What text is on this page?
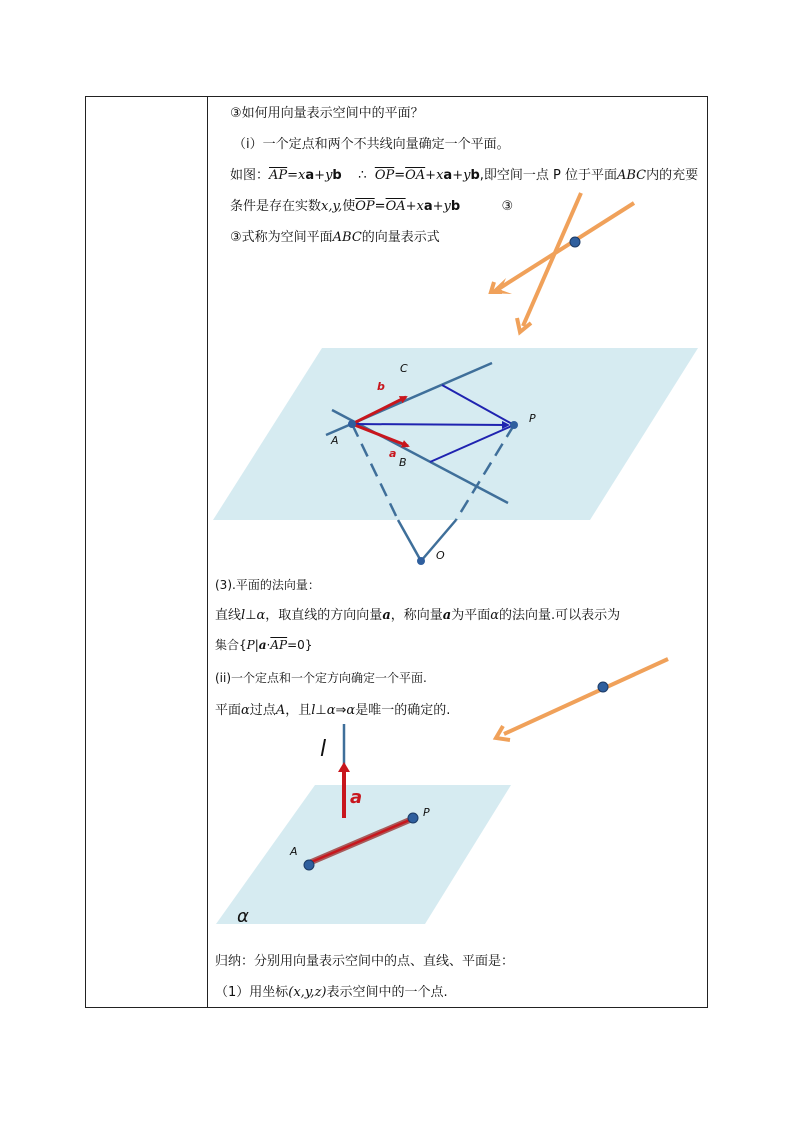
③如何用向量表示空间中的平面？
（i）一个定点和两个不共线向量确定一个平面。
如图：$\overline{AP}=xa+yb$ ∴ $\overline{OP}=\overline{OA}+xa+yb$,即空间一点 P 位于平面ABC内的充要
条件是存在实数x,y,使$\overline{OP}=\overline{OA}+xa+yb$	③
③式称为空间平面ABC的向量表示式
C
b
P
A
a
B
O
l
a
P
A
α
(3).平面的法向量：
直线l⊥α，取直线的方向向量a，称向量a为平面α的法向量.可以表示为
集合$\{P|a\cdot\overline{AP}=0\}$
(ii)一个定点和一个定方向确定一个平面.
平面α过点A，且l⊥α⇒α是唯一的确定的.
归纳：分别用向量表示空间中的点、直线、平面是：
（1）用坐标(x,y,z)表示空间中的一个点.
